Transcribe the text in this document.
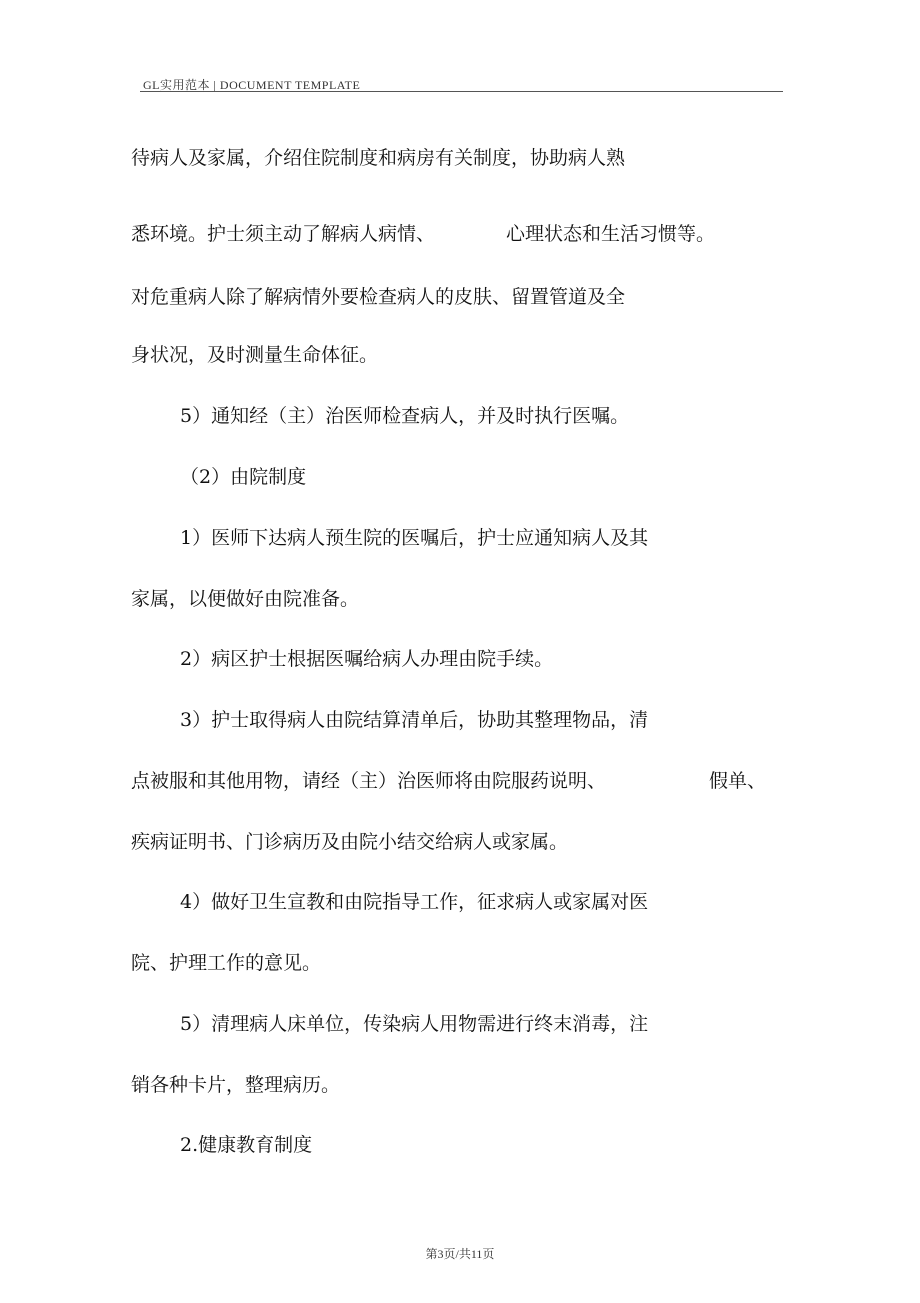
GL实用范本 | DOCUMENT TEMPLATE
待病人及家属，介绍住院制度和病房有关制度，协助病人熟
悉环境。护士须主动了解病人病情、	心理状态和生活习惯等。
对危重病人除了解病情外要检查病人的皮肤、留置管道及全
身状况，及时测量生命体征。
5）通知经（主）治医师检查病人，并及时执行医嘱。
（2）由院制度
1）医师下达病人预生院的医嘱后，护士应通知病人及其
家属，以便做好由院准备。
2）病区护士根据医嘱给病人办理由院手续。
3）护士取得病人由院结算清单后，协助其整理物品，清
点被服和其他用物，请经（主）治医师将由院服药说明、	假单、
疾病证明书、门诊病历及由院小结交给病人或家属。
4）做好卫生宣教和由院指导工作，征求病人或家属对医
院、护理工作的意见。
5）清理病人床单位，传染病人用物需进行终末消毒，注
销各种卡片，整理病历。
2.健康教育制度
第3页/共11页
